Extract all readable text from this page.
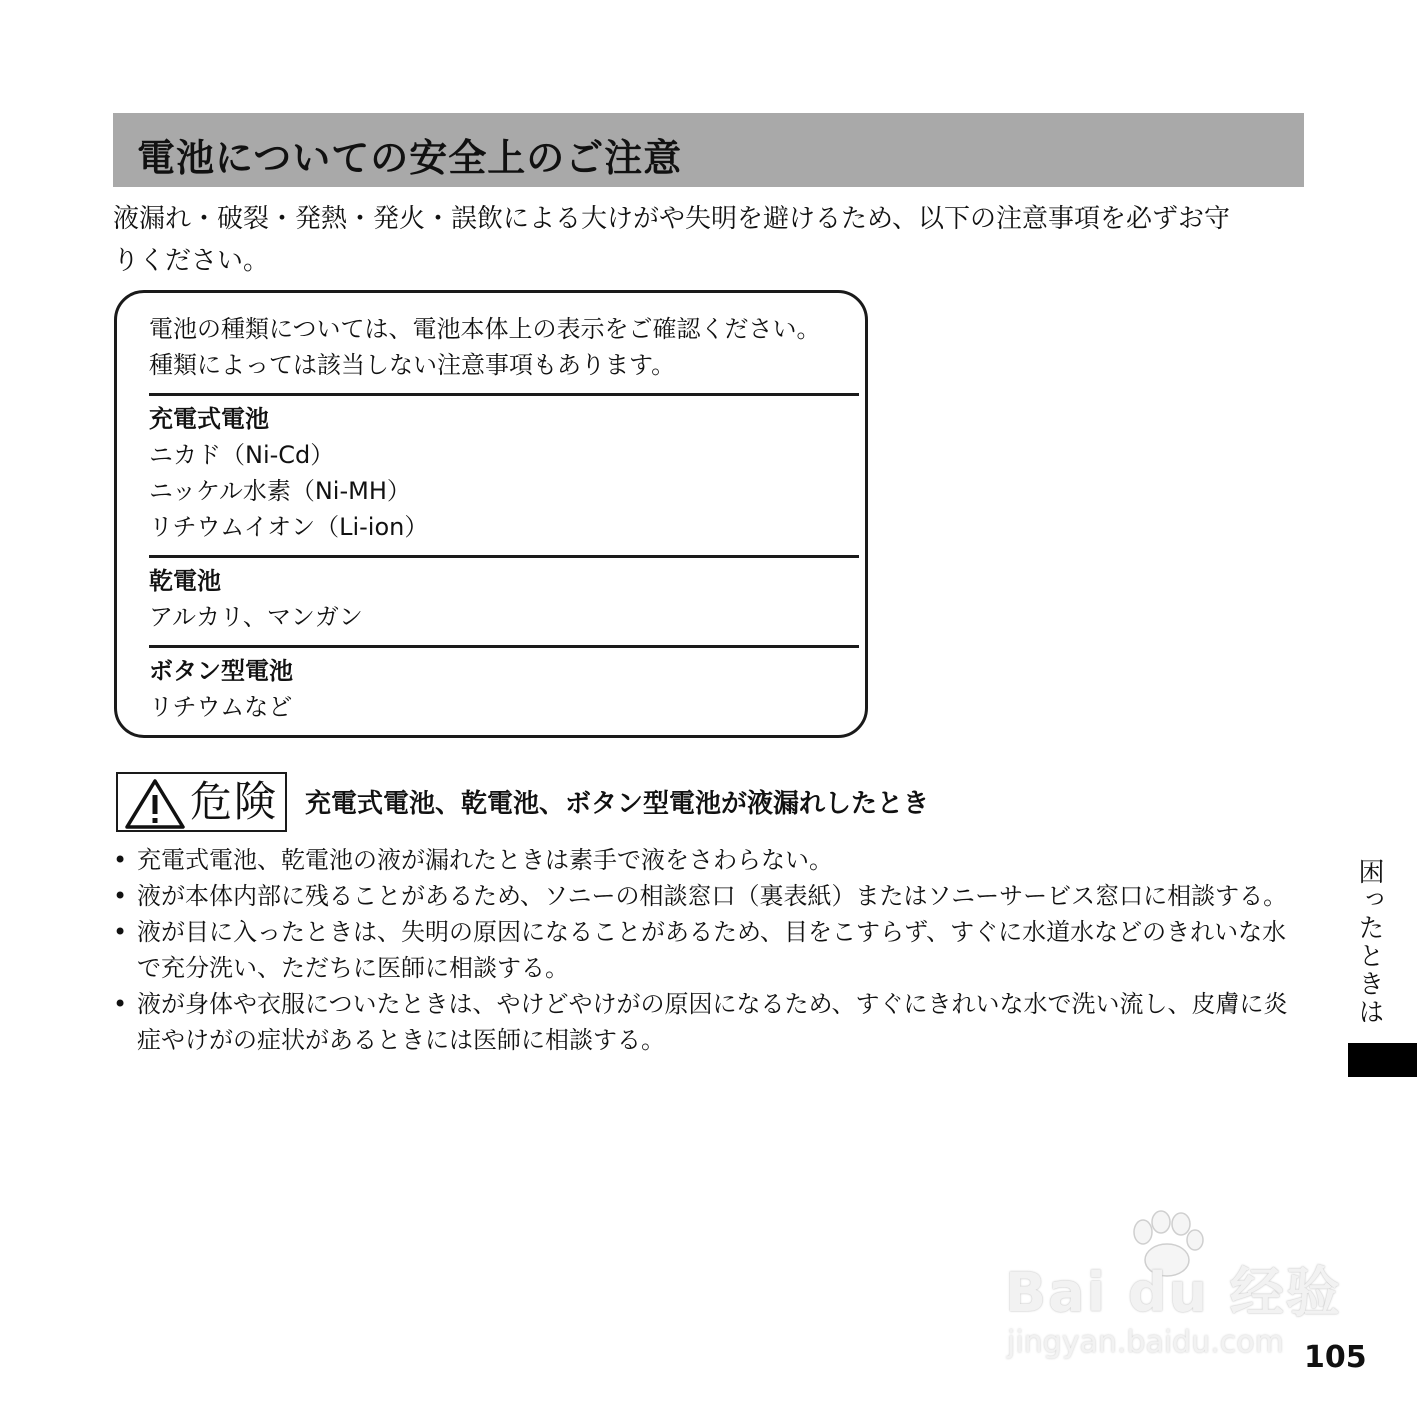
電池についての安全上のご注意
液漏れ・破裂・発熱・発火・誤飲による大けがや失明を避けるため、以下の注意事項を必ずお守
りください。
電池の種類については、電池本体上の表示をご確認ください。
種類によっては該当しない注意事項もあります。
充電式電池
ニカド（Ni-Cd）
ニッケル水素（Ni-MH）
リチウムイオン（Li-ion）
乾電池
アルカリ、マンガン
ボタン型電池
リチウムなど
危険 充電式電池、乾電池、ボタン型電池が液漏れしたとき
• 充電式電池、乾電池の液が漏れたときは素手で液をさわらない。
• 液が本体内部に残ることがあるため、ソニーの相談窓口（裏表紙）またはソニーサービス窓口に相談する。
• 液が目に入ったときは、失明の原因になることがあるため、目をこすらず、すぐに水道水などのきれいな水で充分洗い、ただちに医師に相談する。
• 液が身体や衣服についたときは、やけどやけがの原因になるため、すぐにきれいな水で洗い流し、皮膚に炎症やけがの症状があるときには医師に相談する。
困ったときは
Bai du 经验
jingyan.baidu.com 105
